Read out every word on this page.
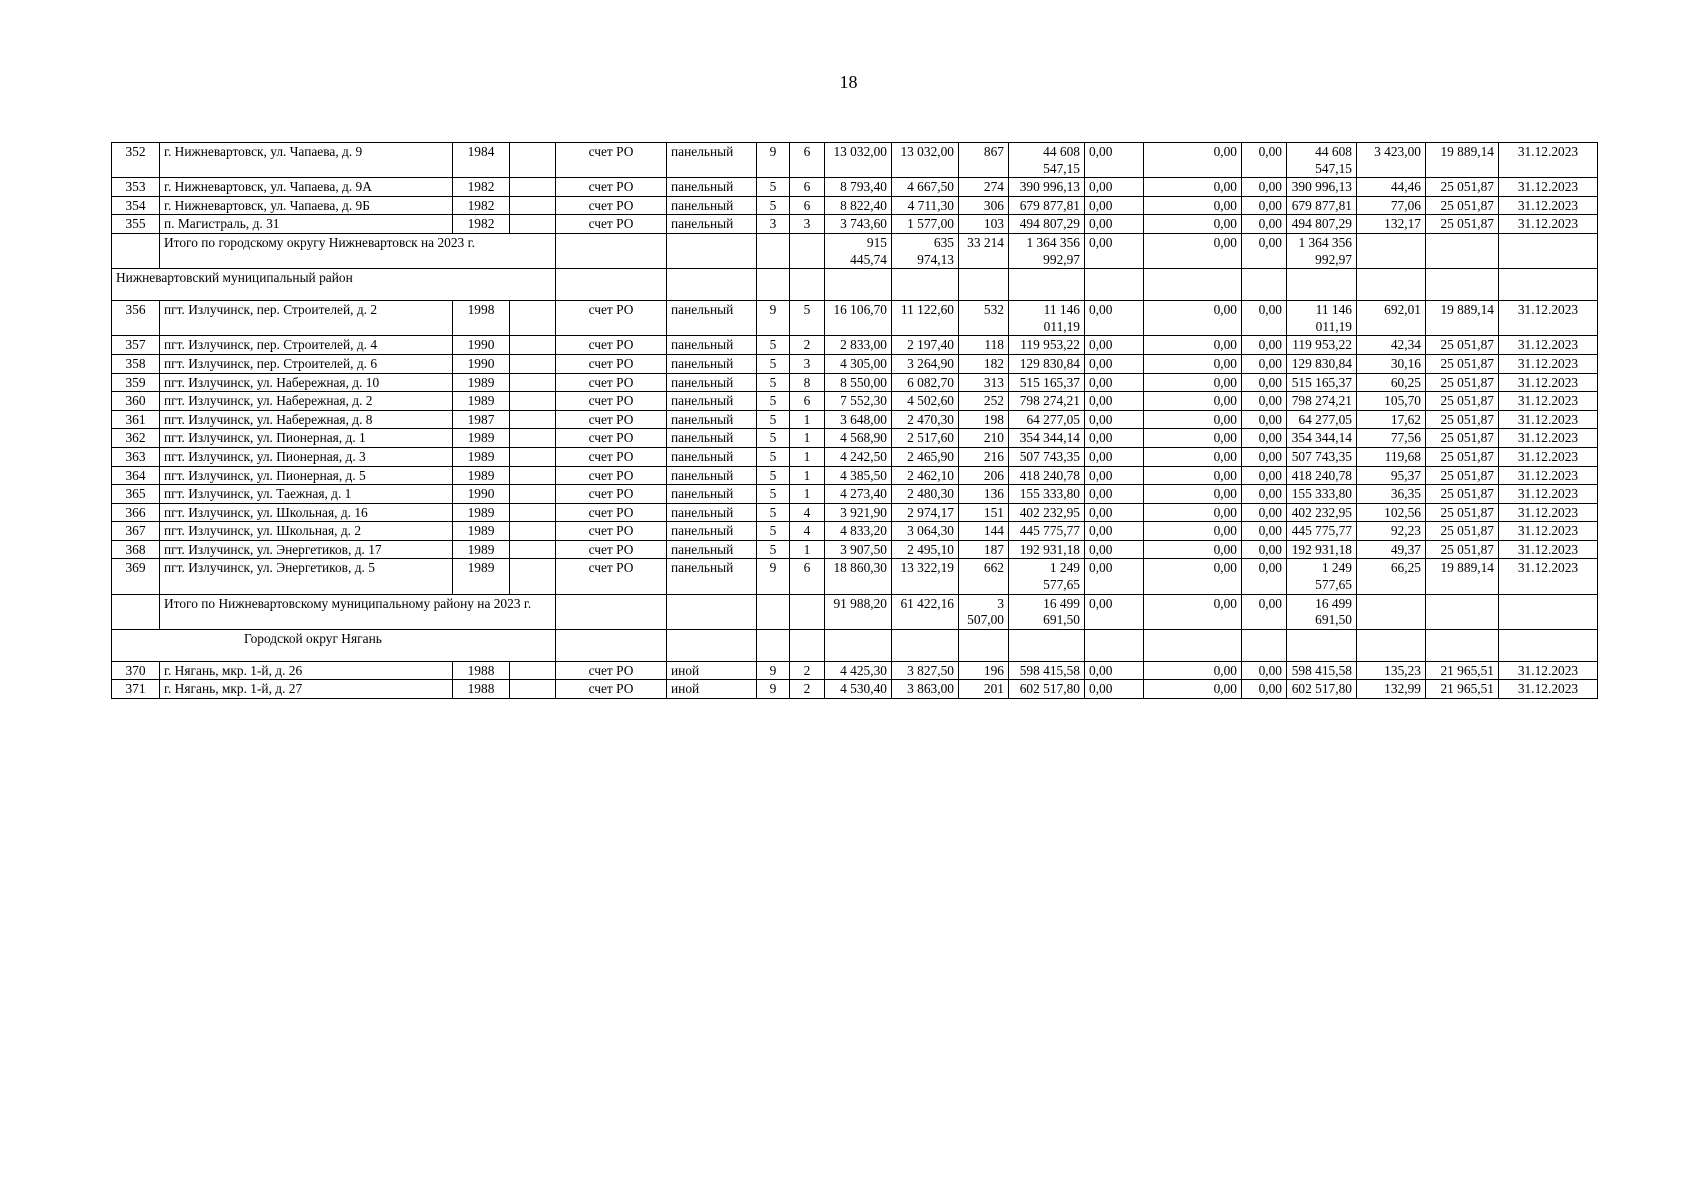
18
352	г. Нижневартовск, ул. Чапаева, д. 9	1984		счет РО	панельный	9	6	13 032,00	13 032,00	867	44 608 547,15	0,00	0,00	0,00	44 608 547,15	3 423,00	19 889,14	31.12.2023
353	г. Нижневартовск, ул. Чапаева, д. 9А	1982		счет РО	панельный	5	6	8 793,40	4 667,50	274	390 996,13	0,00	0,00	0,00	390 996,13	44,46	25 051,87	31.12.2023
354	г. Нижневартовск, ул. Чапаева, д. 9Б	1982		счет РО	панельный	5	6	8 822,40	4 711,30	306	679 877,81	0,00	0,00	0,00	679 877,81	77,06	25 051,87	31.12.2023
355	п. Магистраль, д. 31	1982		счет РО	панельный	3	3	3 743,60	1 577,00	103	494 807,29	0,00	0,00	0,00	494 807,29	132,17	25 051,87	31.12.2023
	Итого по городскому округу Нижневартовск на 2023 г.							915 445,74	635 974,13	33 214	1 364 356 992,97	0,00	0,00	0,00	1 364 356 992,97			
Нижневартовский муниципальный район																		
356	пгт. Излучинск, пер. Строителей, д. 2	1998		счет РО	панельный	9	5	16 106,70	11 122,60	532	11 146 011,19	0,00	0,00	0,00	11 146 011,19	692,01	19 889,14	31.12.2023
357	пгт. Излучинск, пер. Строителей, д. 4	1990		счет РО	панельный	5	2	2 833,00	2 197,40	118	119 953,22	0,00	0,00	0,00	119 953,22	42,34	25 051,87	31.12.2023
358	пгт. Излучинск, пер. Строителей, д. 6	1990		счет РО	панельный	5	3	4 305,00	3 264,90	182	129 830,84	0,00	0,00	0,00	129 830,84	30,16	25 051,87	31.12.2023
359	пгт. Излучинск, ул. Набережная, д. 10	1989		счет РО	панельный	5	8	8 550,00	6 082,70	313	515 165,37	0,00	0,00	0,00	515 165,37	60,25	25 051,87	31.12.2023
360	пгт. Излучинск, ул. Набережная, д. 2	1989		счет РО	панельный	5	6	7 552,30	4 502,60	252	798 274,21	0,00	0,00	0,00	798 274,21	105,70	25 051,87	31.12.2023
361	пгт. Излучинск, ул. Набережная, д. 8	1987		счет РО	панельный	5	1	3 648,00	2 470,30	198	64 277,05	0,00	0,00	0,00	64 277,05	17,62	25 051,87	31.12.2023
362	пгт. Излучинск, ул. Пионерная, д. 1	1989		счет РО	панельный	5	1	4 568,90	2 517,60	210	354 344,14	0,00	0,00	0,00	354 344,14	77,56	25 051,87	31.12.2023
363	пгт. Излучинск, ул. Пионерная, д. 3	1989		счет РО	панельный	5	1	4 242,50	2 465,90	216	507 743,35	0,00	0,00	0,00	507 743,35	119,68	25 051,87	31.12.2023
364	пгт. Излучинск, ул. Пионерная, д. 5	1989		счет РО	панельный	5	1	4 385,50	2 462,10	206	418 240,78	0,00	0,00	0,00	418 240,78	95,37	25 051,87	31.12.2023
365	пгт. Излучинск, ул. Таежная, д. 1	1990		счет РО	панельный	5	1	4 273,40	2 480,30	136	155 333,80	0,00	0,00	0,00	155 333,80	36,35	25 051,87	31.12.2023
366	пгт. Излучинск, ул. Школьная, д. 16	1989		счет РО	панельный	5	4	3 921,90	2 974,17	151	402 232,95	0,00	0,00	0,00	402 232,95	102,56	25 051,87	31.12.2023
367	пгт. Излучинск, ул. Школьная, д. 2	1989		счет РО	панельный	5	4	4 833,20	3 064,30	144	445 775,77	0,00	0,00	0,00	445 775,77	92,23	25 051,87	31.12.2023
368	пгт. Излучинск, ул. Энергетиков, д. 17	1989		счет РО	панельный	5	1	3 907,50	2 495,10	187	192 931,18	0,00	0,00	0,00	192 931,18	49,37	25 051,87	31.12.2023
369	пгт. Излучинск, ул. Энергетиков, д. 5	1989		счет РО	панельный	9	6	18 860,30	13 322,19	662	1 249 577,65	0,00	0,00	0,00	1 249 577,65	66,25	19 889,14	31.12.2023
	Итого по Нижневартовскому муниципальному району на 2023 г.							91 988,20	61 422,16	3 507,00	16 499 691,50	0,00	0,00	0,00	16 499 691,50			
Городской округ Нягань																		
370	г. Нягань, мкр. 1-й, д. 26	1988		счет РО	иной	9	2	4 425,30	3 827,50	196	598 415,58	0,00	0,00	0,00	598 415,58	135,23	21 965,51	31.12.2023
371	г. Нягань, мкр. 1-й, д. 27	1988		счет РО	иной	9	2	4 530,40	3 863,00	201	602 517,80	0,00	0,00	0,00	602 517,80	132,99	21 965,51	31.12.2023
